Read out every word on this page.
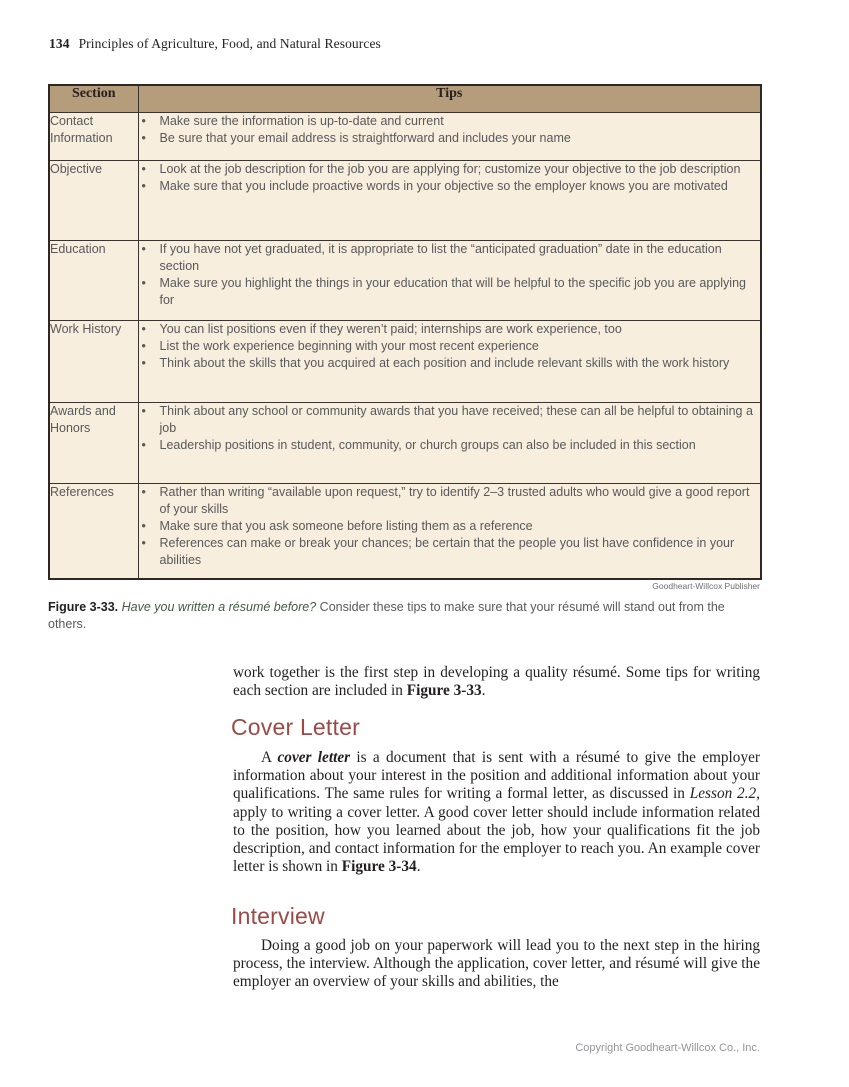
134 Principles of Agriculture, Food, and Natural Resources
Section	Tips
Contact Information	• Make sure the information is up-to-date and current
• Be sure that your email address is straightforward and includes your name

Objective	• Look at the job description for the job you are applying for; customize your objective to the job description
• Make sure that you include proactive words in your objective so the employer knows you are motivated

Education	• If you have not yet graduated, it is appropriate to list the “anticipated graduation” date in the education section
• Make sure you highlight the things in your education that will be helpful to the specific job you are applying for

Work History	•	You can list positions even if they weren’t paid; internships are work experience, too
•	List the work experience beginning with your most recent experience
•	Think about the skills that you acquired at each position and include relevant skills with the work history

Awards and Honors	• Think about any school or community awards that you have received; these can all be helpful to obtaining a job
• Leadership positions in student, community, or church groups can also be included in this section

References	•	Rather than writing “available upon request,” try to identify 2–3 trusted adults who would give a good report of your skills
•	Make sure that you ask someone before listing them as a reference
•	References can make or break your chances; be certain that the people you list have confidence in your abilities
Goodheart-Willcox Publisher
Figure 3-33. Have you written a résumé before? Consider these tips to make sure that your résumé will stand out from the others.
work together is the first step in developing a quality résumé. Some tips for writing each section are included in Figure 3-33.
Cover Letter
A cover letter is a document that is sent with a résumé to give the employer information about your interest in the position and additional information about your qualifications. The same rules for writing a formal letter, as discussed in Lesson 2.2, apply to writing a cover letter. A good cover letter should include information related to the position, how you learned about the job, how your qualifications fit the job description, and contact information for the employer to reach you. An example cover letter is shown in Figure 3-34.
Interview
Doing a good job on your paperwork will lead you to the next step in the hiring process, the interview. Although the application, cover letter, and résumé will give the employer an overview of your skills and abilities, the
Copyright Goodheart-Willcox Co., Inc.
